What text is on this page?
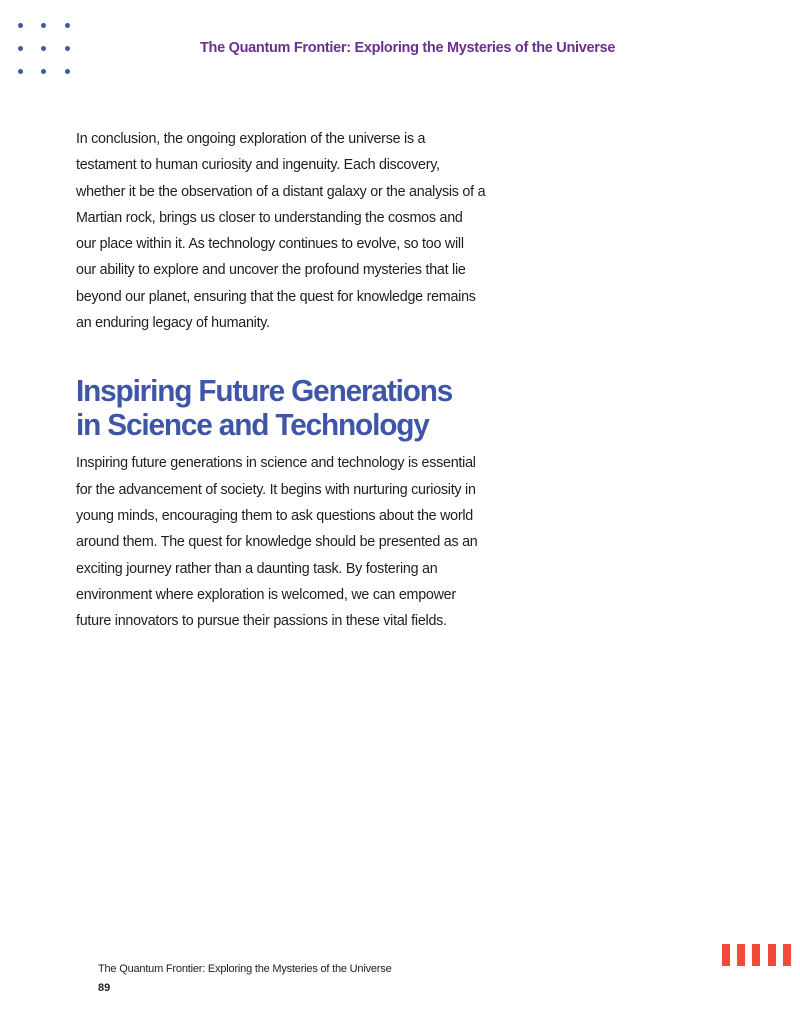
The Quantum Frontier: Exploring the Mysteries of the Universe

In conclusion, the ongoing exploration of the universe is a testament to human curiosity and ingenuity. Each discovery, whether it be the observation of a distant galaxy or the analysis of a Martian rock, brings us closer to understanding the cosmos and our place within it. As technology continues to evolve, so too will our ability to explore and uncover the profound mysteries that lie beyond our planet, ensuring that the quest for knowledge remains an enduring legacy of humanity.

Inspiring Future Generations in Science and Technology

Inspiring future generations in science and technology is essential for the advancement of society. It begins with nurturing curiosity in young minds, encouraging them to ask questions about the world around them. The quest for knowledge should be presented as an exciting journey rather than a daunting task. By fostering an environment where exploration is welcomed, we can empower future innovators to pursue their passions in these vital fields.

The Quantum Frontier: Exploring the Mysteries of the Universe
89
